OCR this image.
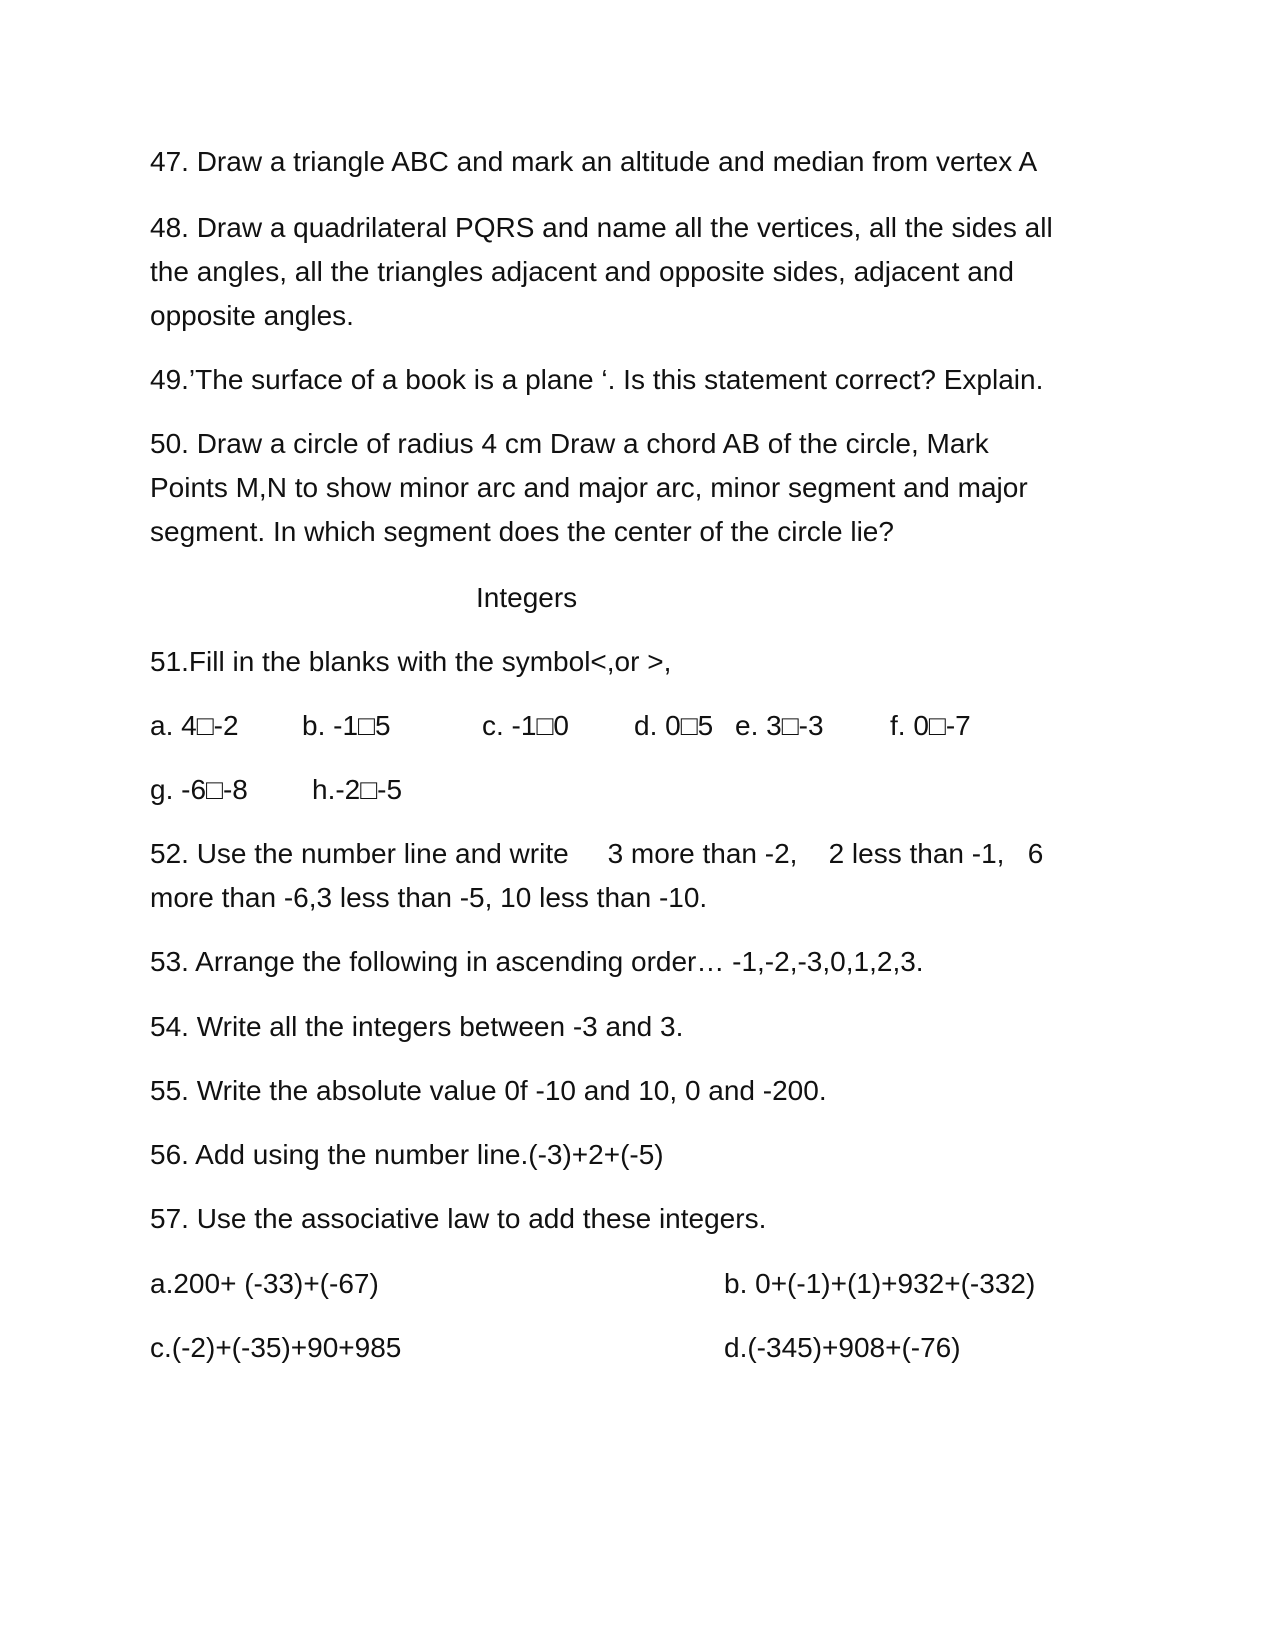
47. Draw a triangle ABC and mark an altitude and median from vertex A
48. Draw a quadrilateral PQRS and name all the vertices, all the sides all
the angles, all the triangles adjacent and opposite sides, adjacent and
opposite angles.
49.’The surface of a book is a plane ‘. Is this statement correct? Explain.
50. Draw a circle of radius 4 cm Draw a chord AB of the circle, Mark
Points M,N to show minor arc and major arc, minor segment and major
segment. In which segment does the center of the circle lie?
Integers
51.Fill in the blanks with the symbol<,or >,
a. 4□-2 b. -1□5	c. -1□0 d. 0□5 e. 3□-3 f. 0□-7
g. -6□-8 h.-2□-5
52. Use the number line and write     3 more than -2,    2 less than -1,   6
more than -6,3 less than -5, 10 less than -10.
53. Arrange the following in ascending order… -1,-2,-3,0,1,2,3.
54. Write all the integers between -3 and 3.
55. Write the absolute value 0f -10 and 10, 0 and -200.
56. Add using the number line.(-3)+2+(-5)
57. Use the associative law to add these integers.
a.200+ (-33)+(-67)	b. 0+(-1)+(1)+932+(-332)
c.(-2)+(-35)+90+985	d.(-345)+908+(-76)
